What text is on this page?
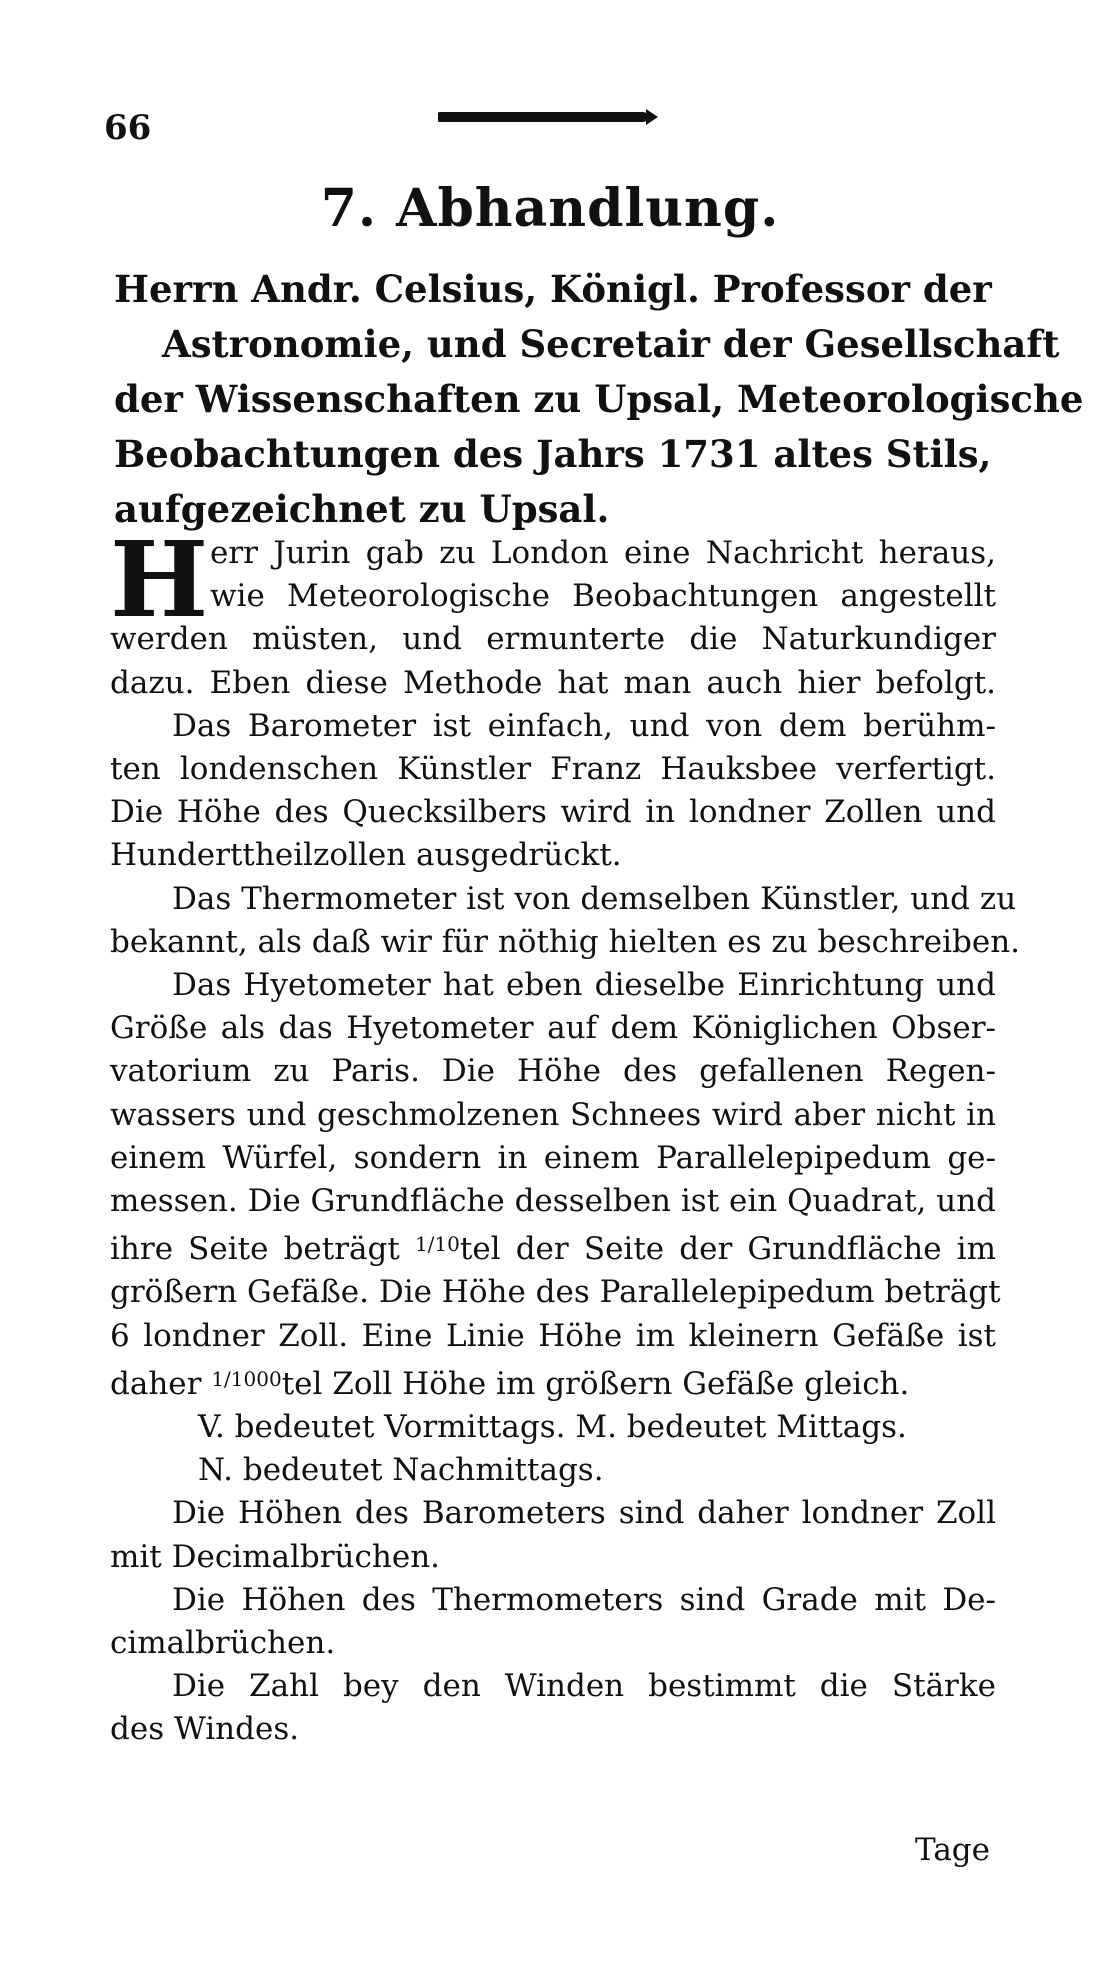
66
7. Abhandlung.
Herrn Andr. Celsius, Königl. Professor der
Astronomie, und Secretair der Gesellschaft
der Wissenschaften zu Upsal, Meteorologische
Beobachtungen des Jahrs 1731 altes Stils,
aufgezeichnet zu Upsal.
H err Jurin gab zu London eine Nachricht heraus,
wie Meteorologische Beobachtungen angestellt
werden müsten, und ermunterte die Naturkundiger
dazu. Eben diese Methode hat man auch hier befolgt.
Das Barometer ist einfach, und von dem berühm-
ten londenschen Künstler Franz Hauksbee verfertigt.
Die Höhe des Quecksilbers wird in londner Zollen und
Hunderttheilzollen ausgedrückt.
Das Thermometer ist von demselben Künstler, und zu
bekannt, als daß wir für nöthig hielten es zu beschreiben.
Das Hyetometer hat eben dieselbe Einrichtung und
Größe als das Hyetometer auf dem Königlichen Obser-
vatorium zu Paris. Die Höhe des gefallenen Regen-
wassers und geschmolzenen Schnees wird aber nicht in
einem Würfel, sondern in einem Parallelepipedum ge-
messen. Die Grundfläche desselben ist ein Quadrat, und
ihre Seite beträgt $^{1/10}$tel der Seite der Grundfläche im
größern Gefäße. Die Höhe des Parallelepipedum beträgt
6 londner Zoll. Eine Linie Höhe im kleinern Gefäße ist
daher $^{1/1000}$tel Zoll Höhe im größern Gefäße gleich.
V. bedeutet Vormittags. M. bedeutet Mittags.
N. bedeutet Nachmittags.
Die Höhen des Barometers sind daher londner Zoll
mit Decimalbrüchen.
Die Höhen des Thermometers sind Grade mit De-
cimalbrüchen.
Die Zahl bey den Winden bestimmt die Stärke
des Windes.
Tage
